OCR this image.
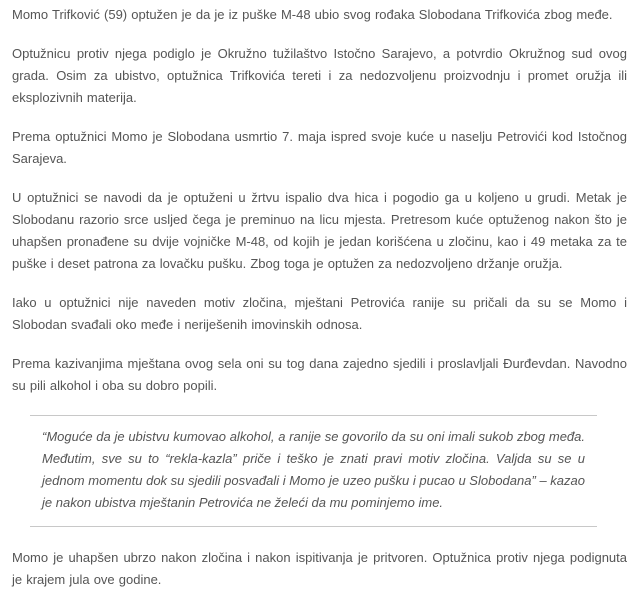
Momo Trifković (59) optužen je da je iz puške M-48 ubio svog rođaka Slobodana Trifkovića zbog međe.

Optužnicu protiv njega podiglo je Okružno tužilaštvo Istočno Sarajevo, a potvrdio Okružnog sud ovog grada. Osim za ubistvo, optužnica Trifkovića tereti i za nedozvoljenu proizvodnju i promet oružja ili eksplozivnih materija.

Prema optužnici Momo je Slobodana usmrtio 7. maja ispred svoje kuće u naselju Petrovići kod Istočnog Sarajeva.

U optužnici se navodi da je optuženi u žrtvu ispalio dva hica i pogodio ga u koljeno u grudi. Metak je Slobodanu razorio srce usljed čega je preminuo na licu mjesta. Pretresom kuće optuženog nakon što je uhapšen pronađene su dvije vojničke M-48, od kojih je jedan korišćena u zločinu, kao i 49 metaka za te puške i deset patrona za lovačku pušku. Zbog toga je optužen za nedozvoljeno držanje oružja.

Iako u optužnici nije naveden motiv zločina, mještani Petrovića ranije su pričali da su se Momo i Slobodan svađali oko međe i neriješenih imovinskih odnosa.

Prema kazivanjima mještana ovog sela oni su tog dana zajedno sjedili i proslavljali Đurđevdan. Navodno su pili alkohol i oba su dobro popili.

“Moguće da je ubistvu kumovao alkohol, a ranije se govorilo da su oni imali sukob zbog međa. Međutim, sve su to “rekla-kazla” priče i teško je znati pravi motiv zločina. Valjda su se u jednom momentu dok su sjedili posvađali i Momo je uzeo pušku i pucao u Slobodana” – kazao je nakon ubistva mještanin Petrovića ne želeći da mu pominjemo ime.

Momo je uhapšen ubrzo nakon zločina i nakon ispitivanja je pritvoren. Optužnica protiv njega podignuta je krajem jula ove godine.
